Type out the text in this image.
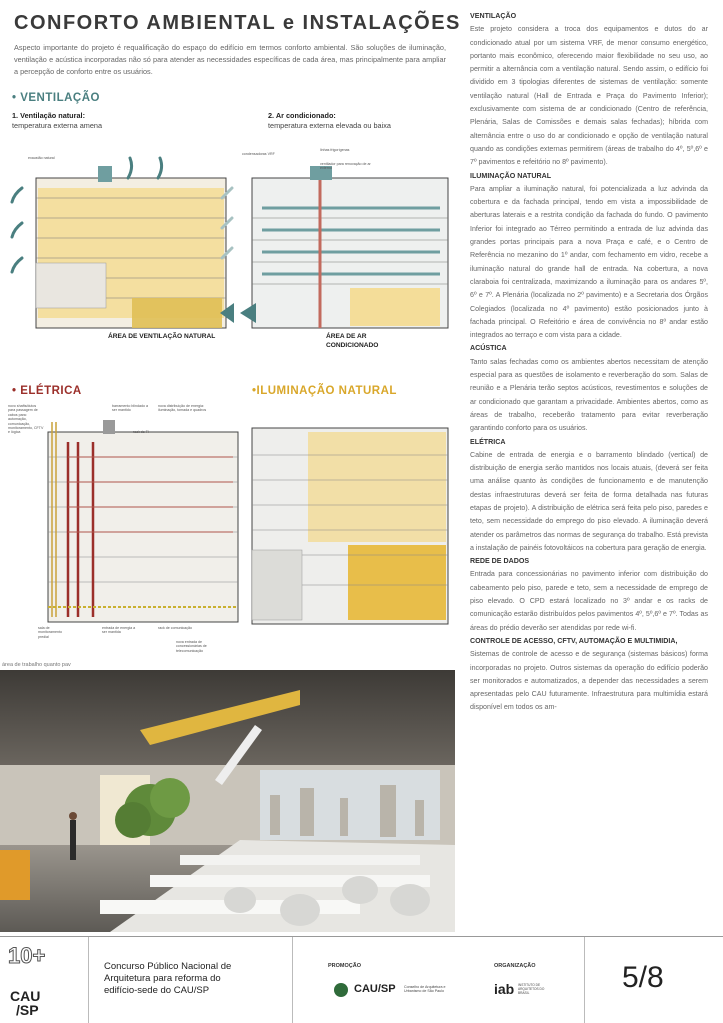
CONFORTO AMBIENTAL e INSTALAÇÕES
Aspecto importante do projeto é requalificação do espaço do edifício em termos conforto ambiental. São soluções de iluminação, ventilação e acústica incorporadas não só para atender as necessidades específicas de cada área, mas principalmente para ampliar a percepção de conforto entre os usuários.
• VENTILAÇÃO
1. Ventilação natural:
temperatura externa amena
2. Ar condicionado:
temperatura externa elevada ou baixa
exaustão natural
ÁREA DE VENTILAÇÃO NATURAL
condensadoras VRF
linhas frigorígenas
ventilador para renovação de ar externo
ÁREA DE AR CONDICIONADO
• ELÉTRICA	•ILUMINAÇÃO NATURAL
novo shafts/dutos para passagem de cabos para: automação, comunicação, monitoramento, CFTV e lógica
barramento blindado a ser mantido
nova distribuição de energia: iluminação, tomada e quadros
rack de TI
sala de monitoramento predial
entrada de energia a ser mantida
rack de comunicação
nova entrada de concessionárias de telecomunicação
área de trabalho quanto pav
VENTILAÇÃO

Este projeto considera a troca dos equipamentos e dutos do ar condicionado atual por um sistema VRF, de menor consumo energético, portanto mais econômico, oferecendo maior flexibilidade no seu uso, ao permitir a alternância com a ventilação natural. Sendo assim, o edifício foi dividido em 3 tipologias diferentes de sistemas de ventilação: somente ventilação natural (Hall de Entrada e Praça do Pavimento Inferior); exclusivamente com sistema de ar condicionado (Centro de referência, Plenária, Salas de Comissões e demais salas fechadas); híbrida com alternância entre o uso do ar condicionado e opção de ventilação natural quando as condições externas permitirem (áreas de trabalho do 4º, 5º,6º e 7º pavimentos e refeitório no 8º pavimento).

ILUMINAÇÃO NATURAL

Para ampliar a iluminação natural, foi potencializada a luz advinda da cobertura e da fachada principal, tendo em vista a impossibilidade de aberturas laterais e a restrita condição da fachada do fundo. O pavimento Inferior foi integrado ao Térreo permitindo a entrada de luz advinda das grandes portas principais para a nova Praça e café, e o Centro de Referência no mezanino do 1º andar, com fechamento em vidro, recebe a iluminação natural do grande hall de entrada. Na cobertura, a nova claraboia foi centralizada, maximizando a iluminação para os andares 5º, 6º e 7º. A Plenária (localizada no 2º pavimento) e a Secretaria dos Órgãos Colegiados (localizada no 4º pavimento) estão posicionados junto à fachada principal. O Refeitório e área de convivência no 8º andar estão integrados ao terraço e com vista para a cidade.

ACÚSTICA

Tanto salas fechadas como os ambientes abertos necessitam de atenção especial para as questões de isolamento e reverberação do som. Salas de reunião e a Plenária terão septos acústicos, revestimentos e soluções de ar condicionado que garantam a privacidade. Ambientes abertos, como as áreas de trabalho, receberão tratamento para evitar reverberação garantindo conforto para os usuários.

ELÉTRICA

Cabine de entrada de energia e o barramento blindado (vertical) de distribuição de energia serão mantidos nos locais atuais, (deverá ser feita uma análise quanto às condições de funcionamento e de manutenção destas infraestruturas deverá ser feita de forma detalhada nas futuras etapas de projeto). A distribuição de elétrica será feita pelo piso, paredes e teto, sem necessidade do emprego do piso elevado. A iluminação deverá atender os parâmetros das normas de segurança do trabalho. Está prevista a instalação de painéis fotovoltáicos na cobertura para geração de energia.

REDE DE DADOS

Entrada para concessionárias no pavimento inferior com distribuição do cabeamento pelo piso, parede e teto, sem a necessidade de emprego de piso elevado. O CPD estará localizado no 3º andar e os racks de comunicação estarão distribuídos pelos pavimentos 4º, 5º,6º e 7º. Todas as áreas do prédio deverão ser atendidas por rede wi-fi.

CONTROLE DE ACESSO, CFTV, AUTOMAÇÃO E MULTIMIDIA,

Sistemas de controle de acesso e de segurança (sistemas básicos) forma incorporadas no projeto. Outros sistemas da operação do edifício poderão ser monitorados e automatizados, a depender das necessidades a serem apresentadas pelo CAU futuramente. Infraestrutura para multimídia estará disponível em todos os am-

10+
CAU
/SP
Concurso Público Nacional de Arquitetura para reforma do edifício-sede do CAU/SP
PROMOÇÃO
CAU/SP Conselho de Arquitetura e Urbanismo de São Paulo
ORGANIZAÇÃO
iab INSTITUTO DE ARQUITETOS DO BRASIL	5/8
